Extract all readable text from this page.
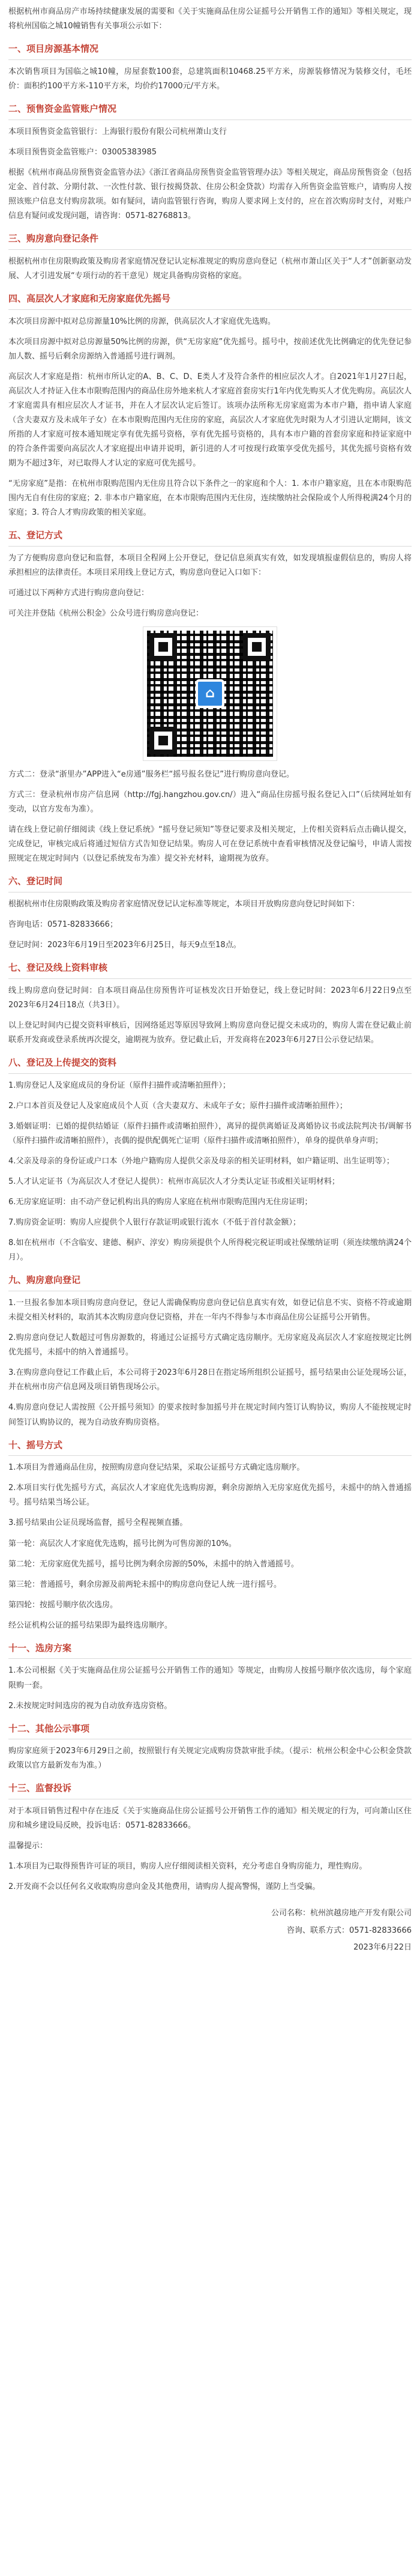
根据杭州市商品房产市场持续健康发展的需要和《关于实施商品住房公证摇号公开销售工作的通知》等相关规定，现将杭州国临之城10幢销售有关事项公示如下：

一、项目房源基本情况

本次销售项目为国临之城10幢，房屋套数100套，总建筑面积10468.25平方米，房源装修情况为装修交付，毛坯价：面积约100平方米-110平方米，均价约17000元/平方米。

二、预售资金监管账户情况

本项目预售资金监管银行：上海银行股份有限公司杭州萧山支行

本项目预售资金监管账户：03005383985

根据《杭州市商品房预售资金监管办法》《浙江省商品房预售资金监管管理办法》等相关规定，商品房预售资金（包括定金、首付款、分期付款、一次性付款、银行按揭贷款、住房公积金贷款）均需存入所售资金监管账户，请购房人按照该账户信息支付购房款项。如有疑问，请向监管银行咨询，购房人要求网上支付的，应在首次购房时支付，对账户信息有疑问或发现问题，请咨询：0571-82768813。

三、购房意向登记条件

根据杭州市住房限购政策及购房者家庭情况登记认定标准规定的购房意向登记（杭州市萧山区关于“人才”创新驱动发展、人才引进发展“专项行动的若干意见）规定具备购房资格的家庭。

四、高层次人才家庭和无房家庭优先摇号

本次项目房源中拟对总房源量10%比例的房源，供高层次人才家庭优先选购。

本次项目房源中拟对总房源量50%比例的房源，供“无房家庭”优先摇号。摇号中，按前述优先比例确定的优先登记参加人数、摇号后剩余房源纳入普通摇号进行调剂。

高层次人才家庭是指：杭州市所认定的A、B、C、D、E类人才及符合条件的相应层次人才。自2021年1月27日起，高层次人才持证入住本市限购范围内的商品住房外地来杭人才家庭首套房实行1年内优先购买人才优先购房。高层次人才家庭需具有相应层次人才证书，并在人才层次认定后签订。该项办法所称无房家庭需为本市户籍，指申请人家庭（含夫妻双方及未成年子女）在本市限购范围内无住房的家庭，高层次人才家庭优先时限为人才引进认定期间，该文所指的人才家庭可按本通知规定享有优先摇号资格，享有优先摇号资格的，具有本市户籍的首套房家庭和持证家庭中的符合条件需要向高层次人才家庭提出申请并说明，新引进的人才可按现行政策享受优先摇号，其优先摇号资格有效期为不超过3年，对已取得人才认定的家庭可优先摇号。

“无房家庭”是指：在杭州市限购范围内无住房且符合以下条件之一的家庭和个人：1. 本市户籍家庭，且在本市限购范围内无自有住房的家庭；2. 非本市户籍家庭，在本市限购范围内无住房，连续缴纳社会保险或个人所得税满24个月的家庭；3. 符合人才购房政策的相关家庭。

五、登记方式

为了方便购房意向登记和监督，本项目全程网上公开登记，登记信息须真实有效，如发现填报虚假信息的，购房人将承担相应的法律责任。本项目采用线上登记方式，购房意向登记入口如下：

可通过以下两种方式进行购房意向登记：

可关注并登陆《杭州公积金》公众号进行购房意向登记：

⌂

方式二：登录“浙里办”APP进入“e房通”服务栏“摇号报名登记”进行购房意向登记。

方式三：登录杭州市房产信息网（http://fgj.hangzhou.gov.cn/）进入“商品住房摇号报名登记入口”（后续网址如有变动，以官方发布为准）。

请在线上登记前仔细阅读《线上登记系统》“摇号登记须知”等登记要求及相关规定，上传相关资料后点击确认提交，完成登记，审核完成后将通过短信方式告知登记结果。购房人可在登记系统中查看审核情况及登记编号，申请人需按照规定在规定时间内（以登记系统发布为准）提交补充材料，逾期视为放弃。

六、登记时间

根据杭州市住房限购政策及购房者家庭情况登记认定标准等规定，本项目开放购房意向登记时间如下：

咨询电话：0571-82833666；

登记时间：2023年6月19日至2023年6月25日，每天9点至18点。

七、登记及线上资料审核

线上购房意向登记时间：自本项目商品住房预售许可证核发次日开始登记，线上登记时间：2023年6月22日9点至2023年6月24日18点（共3日）。

以上登记时间内已提交资料审核后，因网络延迟等原因导致网上购房意向登记提交未成功的，购房人需在登记截止前联系开发商或登录系统再次提交，逾期视为放弃。登记截止后，开发商将在2023年6月27日公示登记结果。

八、登记及上传提交的资料

1.购房登记人及家庭成员的身份证（原件扫描件或清晰拍照件）；

2.户口本首页及登记人及家庭成员个人页（含夫妻双方、未成年子女；原件扫描件或清晰拍照件）；

3.婚姻证明：已婚的提供结婚证（原件扫描件或清晰拍照件），离异的提供离婚证及离婚协议书或法院判决书/调解书（原件扫描件或清晰拍照件），丧偶的提供配偶死亡证明（原件扫描件或清晰拍照件），单身的提供单身声明；

4.父亲及母亲的身份证或户口本（外地户籍购房人提供父亲及母亲的相关证明材料，如户籍证明、出生证明等）；

5.人才认定证书（为高层次人才登记人提供）：杭州市高层次人才分类认定证书或相关证明材料；

6.无房家庭证明：由不动产登记机构出具的购房人家庭在杭州市限购范围内无住房证明；

7.购房资金证明：购房人应提供个人银行存款证明或银行流水（不低于首付款金额）；

8.如在杭州市（不含临安、建德、桐庐、淳安）购房须提供个人所得税完税证明或社保缴纳证明（须连续缴纳满24个月）。

九、购房意向登记

1.一旦报名参加本项目购房意向登记，登记人需确保购房意向登记信息真实有效，如登记信息不实、资格不符或逾期未提交相关材料的，取消其本次购房意向登记资格，并在一年内不得参与本市商品住房公证摇号公开销售。

2.购房意向登记人数超过可售房源数的，将通过公证摇号方式确定选房顺序。无房家庭及高层次人才家庭按规定比例优先摇号，未摇中的纳入普通摇号。

3.在购房意向登记工作截止后，本公司将于2023年6月28日在指定场所组织公证摇号，摇号结果由公证处现场公证，并在杭州市房产信息网及项目销售现场公示。

4.购房意向登记人需按照《公开摇号须知》的要求按时参加摇号并在规定时间内签订认购协议，购房人不能按规定时间签订认购协议的，视为自动放弃购房资格。

十、摇号方式

1.本项目为普通商品住房，按照购房意向登记结果，采取公证摇号方式确定选房顺序。

2.本项目实行优先摇号方式，高层次人才家庭优先选购房源，剩余房源纳入无房家庭优先摇号，未摇中的纳入普通摇号。摇号结果当场公证。

3.摇号结果由公证员现场监督，摇号全程视频直播。

第一轮：高层次人才家庭优先选购，摇号比例为可售房源的10%。

第二轮：无房家庭优先摇号，摇号比例为剩余房源的50%，未摇中的纳入普通摇号。

第三轮：普通摇号，剩余房源及前两轮未摇中的购房意向登记人统一进行摇号。

第四轮：按摇号顺序依次选房。

经公证机构公证的摇号结果即为最终选房顺序。

十一、选房方案

1.本公司根据《关于实施商品住房公证摇号公开销售工作的通知》等规定，由购房人按摇号顺序依次选房，每个家庭限购一套。

2.未按规定时间选房的视为自动放弃选房资格。

十二、其他公示事项

购房家庭须于2023年6月29日之前，按照银行有关规定完成购房贷款审批手续。（提示：杭州公积金中心公积金贷款政策以官方最新发布为准。）

十三、监督投诉

对于本项目销售过程中存在违反《关于实施商品住房公证摇号公开销售工作的通知》相关规定的行为，可向萧山区住房和城乡建设局反映，投诉电话：0571-82833666。

温馨提示：

1.本项目为已取得预售许可证的项目，购房人应仔细阅读相关资料，充分考虑自身购房能力，理性购房。

2.开发商不会以任何名义收取购房意向金及其他费用，请购房人提高警惕，谨防上当受骗。

公司名称：杭州滨越房地产开发有限公司

咨询、联系方式：0571-82833666

2023年6月22日
